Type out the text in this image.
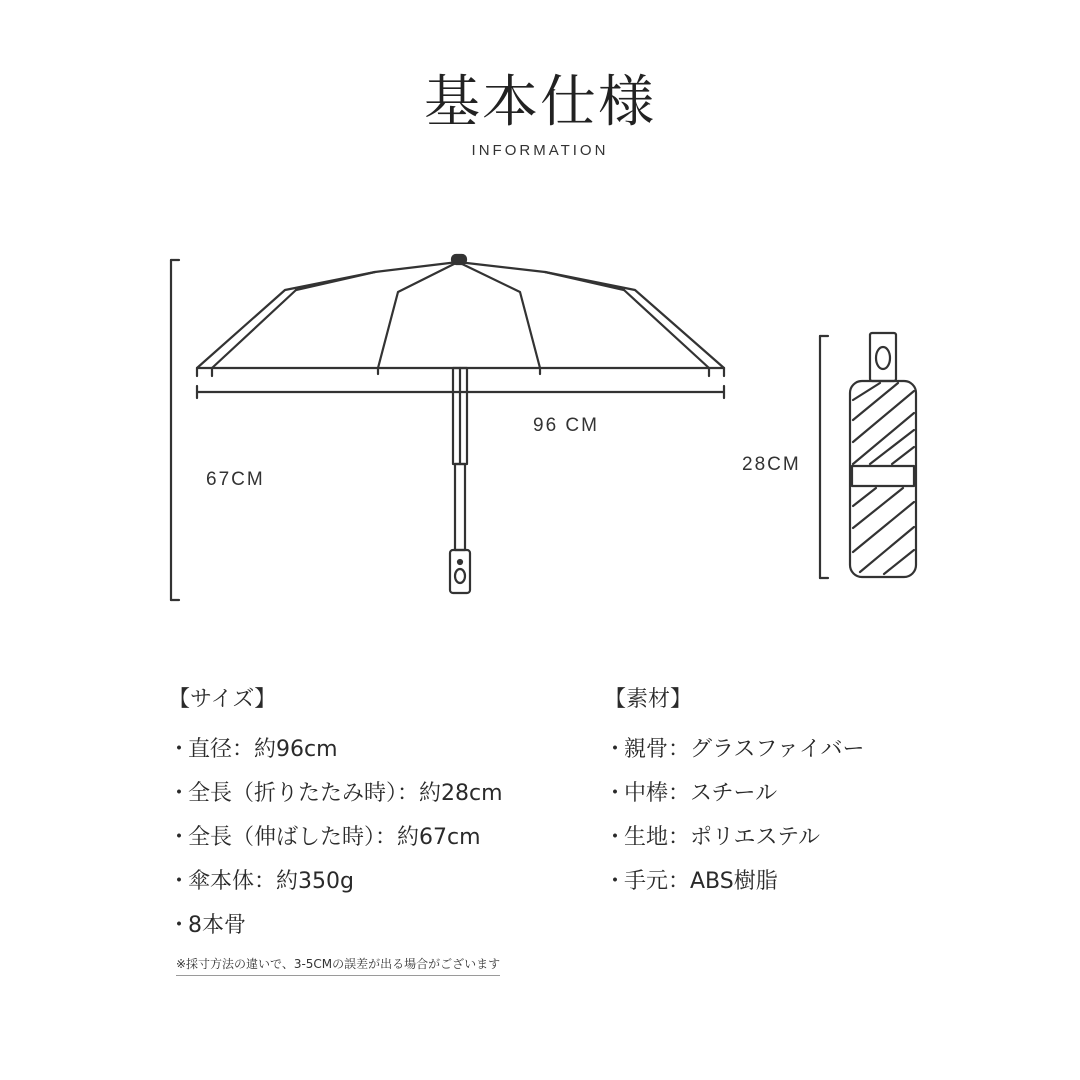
基本仕様
INFORMATION
96 CM
67CM
28CM
【サイズ】
・直径：約96cm
・全長（折りたたみ時）：約28cm
・全長（伸ばした時）：約67cm
・傘本体：約350g
・8本骨
【素材】
・親骨：グラスファイバー
・中棒：スチール
・生地：ポリエステル
・手元：ABS樹脂
※採寸方法の違いで、3-5CMの誤差が出る場合がございます
